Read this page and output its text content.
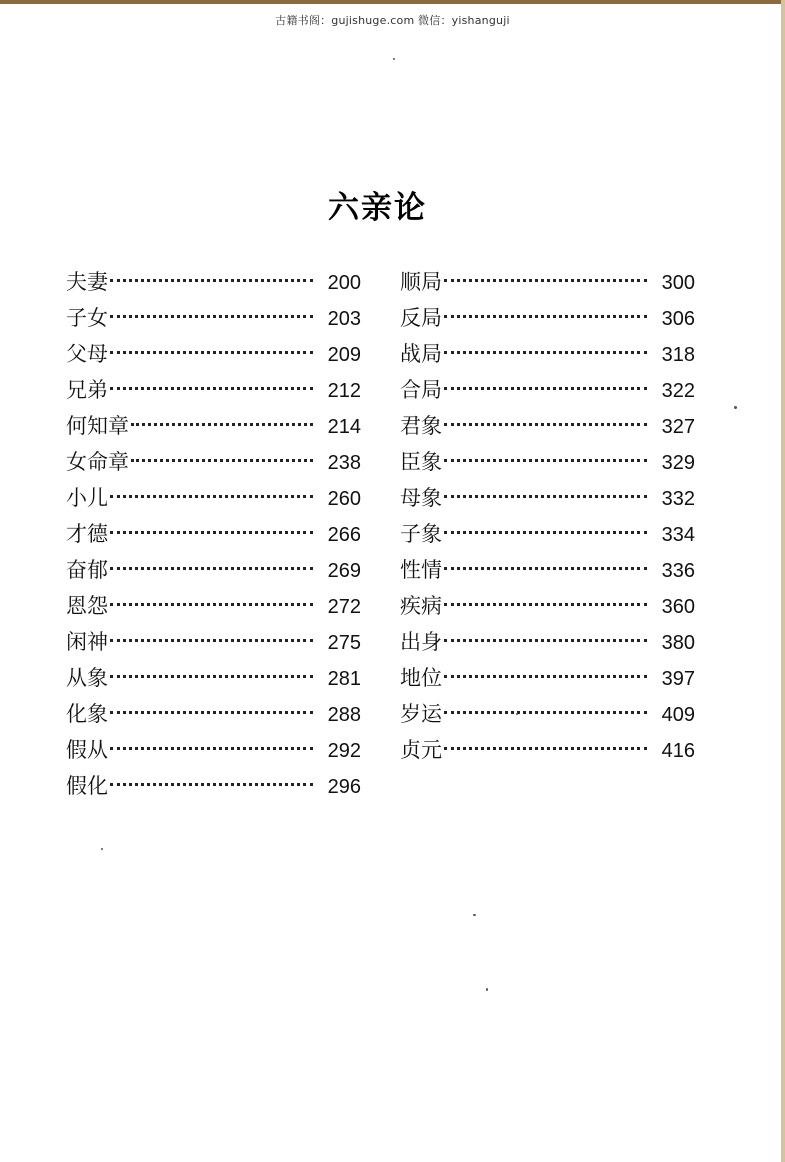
古籍书阁：gujishuge.com 微信：yishanguji
六亲论
夫妻	200
子女	203
父母	209
兄弟	212
何知章	214
女命章	238
小儿	260
才德	266
奋郁	269
恩怨	272
闲神	275
从象	281
化象	288
假从	292
假化	296
顺局	300
反局	306
战局	318
合局	322
君象	327
臣象	329
母象	332
子象	334
性情	336
疾病	360
出身	380
地位	397
岁运	409
贞元	416
